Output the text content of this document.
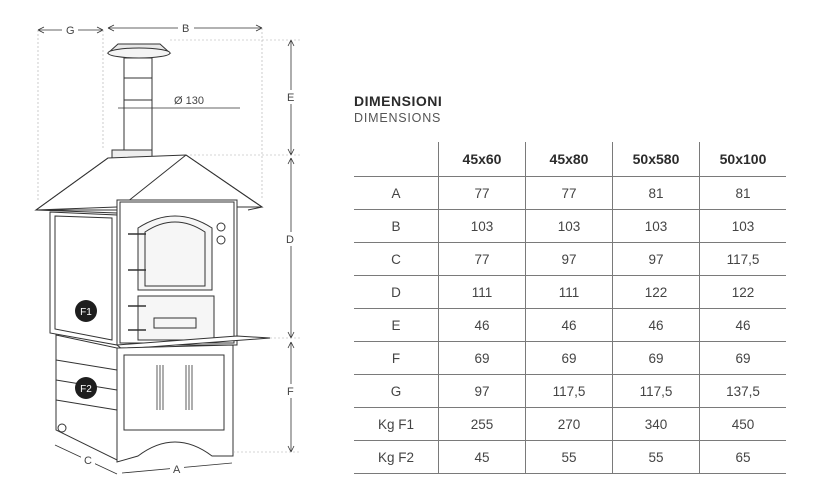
G	B
E
D
F
C
A
Ø 130
F1
F2
DIMENSIONI
DIMENSIONS
	45x60	45x80	50x580	50x100
A	77	77	81	81
B	103	103	103	103
C	77	97	97	117,5
D	111	111	122	122
E	46	46	46	46
F	69	69	69	69
G	97	117,5	117,5	137,5
Kg F1	255	270	340	450
Kg F2	45	55	55	65
